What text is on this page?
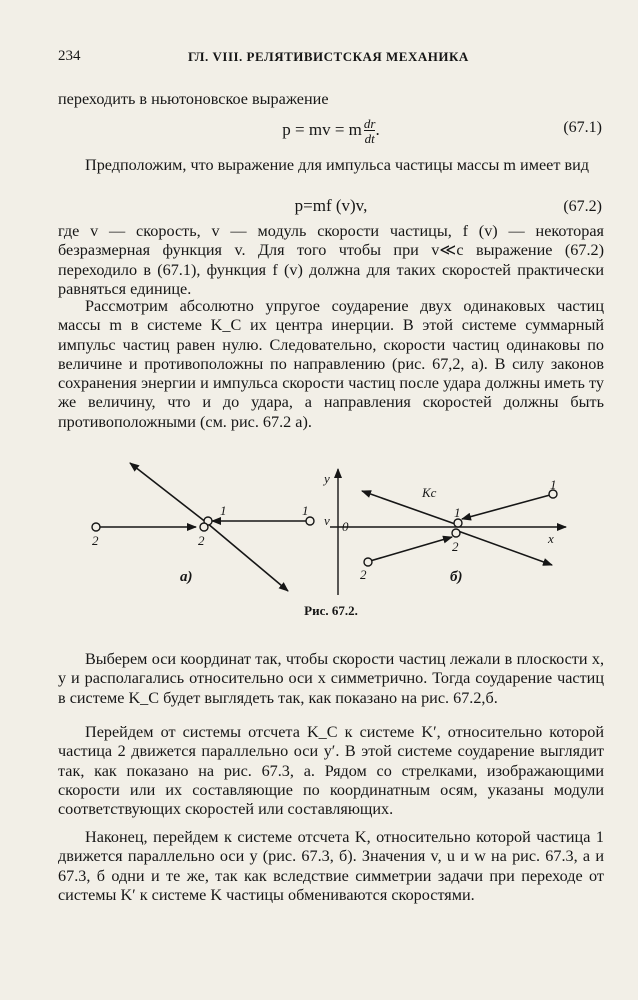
234	ГЛ. VIII. РЕЛЯТИВИСТСКАЯ МЕХАНИКА

переходить в ньютоновское выражение

p = mv = m $\frac{dr}{dt}$ .	(67.1)

Предположим, что выражение для импульса частицы массы m имеет вид

p=mf (v)v,	(67.2)

где v — скорость, v — модуль скорости частицы, f (v) — некоторая безразмерная функция v. Для того чтобы при v≪c выражение (67.2) переходило в (67.1), функция f (v) должна для таких скоростей практически равняться единице.

Рассмотрим абсолютно упругое соударение двух одинаковых частиц массы m в системе K_C их центра инерции. В этой системе суммарный импульс частиц равен нулю. Следовательно, скорости частиц одинаковы по величине и противоположны по направлению (рис. 67,2, а). В силу законов сохранения энергии и импульса скорости частиц после удара должны иметь ту же величину, что и до удара, а направления скоростей должны быть противоположными (см. рис. 67.2 а).

1
2
2
1
а)
y
x
v 0
Kc
1
2
1
2
б)
Рис. 67.2.

Выберем оси координат так, чтобы скорости частиц лежали в плоскости x, y и располагались относительно оси x симметрично. Тогда соударение частиц в системе K_C будет выглядеть так, как показано на рис. 67.2,б.

Перейдем от системы отсчета K_C к системе K′, относительно которой частица 2 движется параллельно оси y′. В этой системе соударение выглядит так, как показано на рис. 67.3, а. Рядом со стрелками, изображающими скорости или их составляющие по координатным осям, указаны модули соответствующих скоростей или составляющих.

Наконец, перейдем к системе отсчета K, относительно которой частица 1 движется параллельно оси y (рис. 67.3, б). Значения v, u и w на рис. 67.3, а и 67.3, б одни и те же, так как вследствие симметрии задачи при переходе от системы K′ к системе K частицы обмениваются скоростями.
